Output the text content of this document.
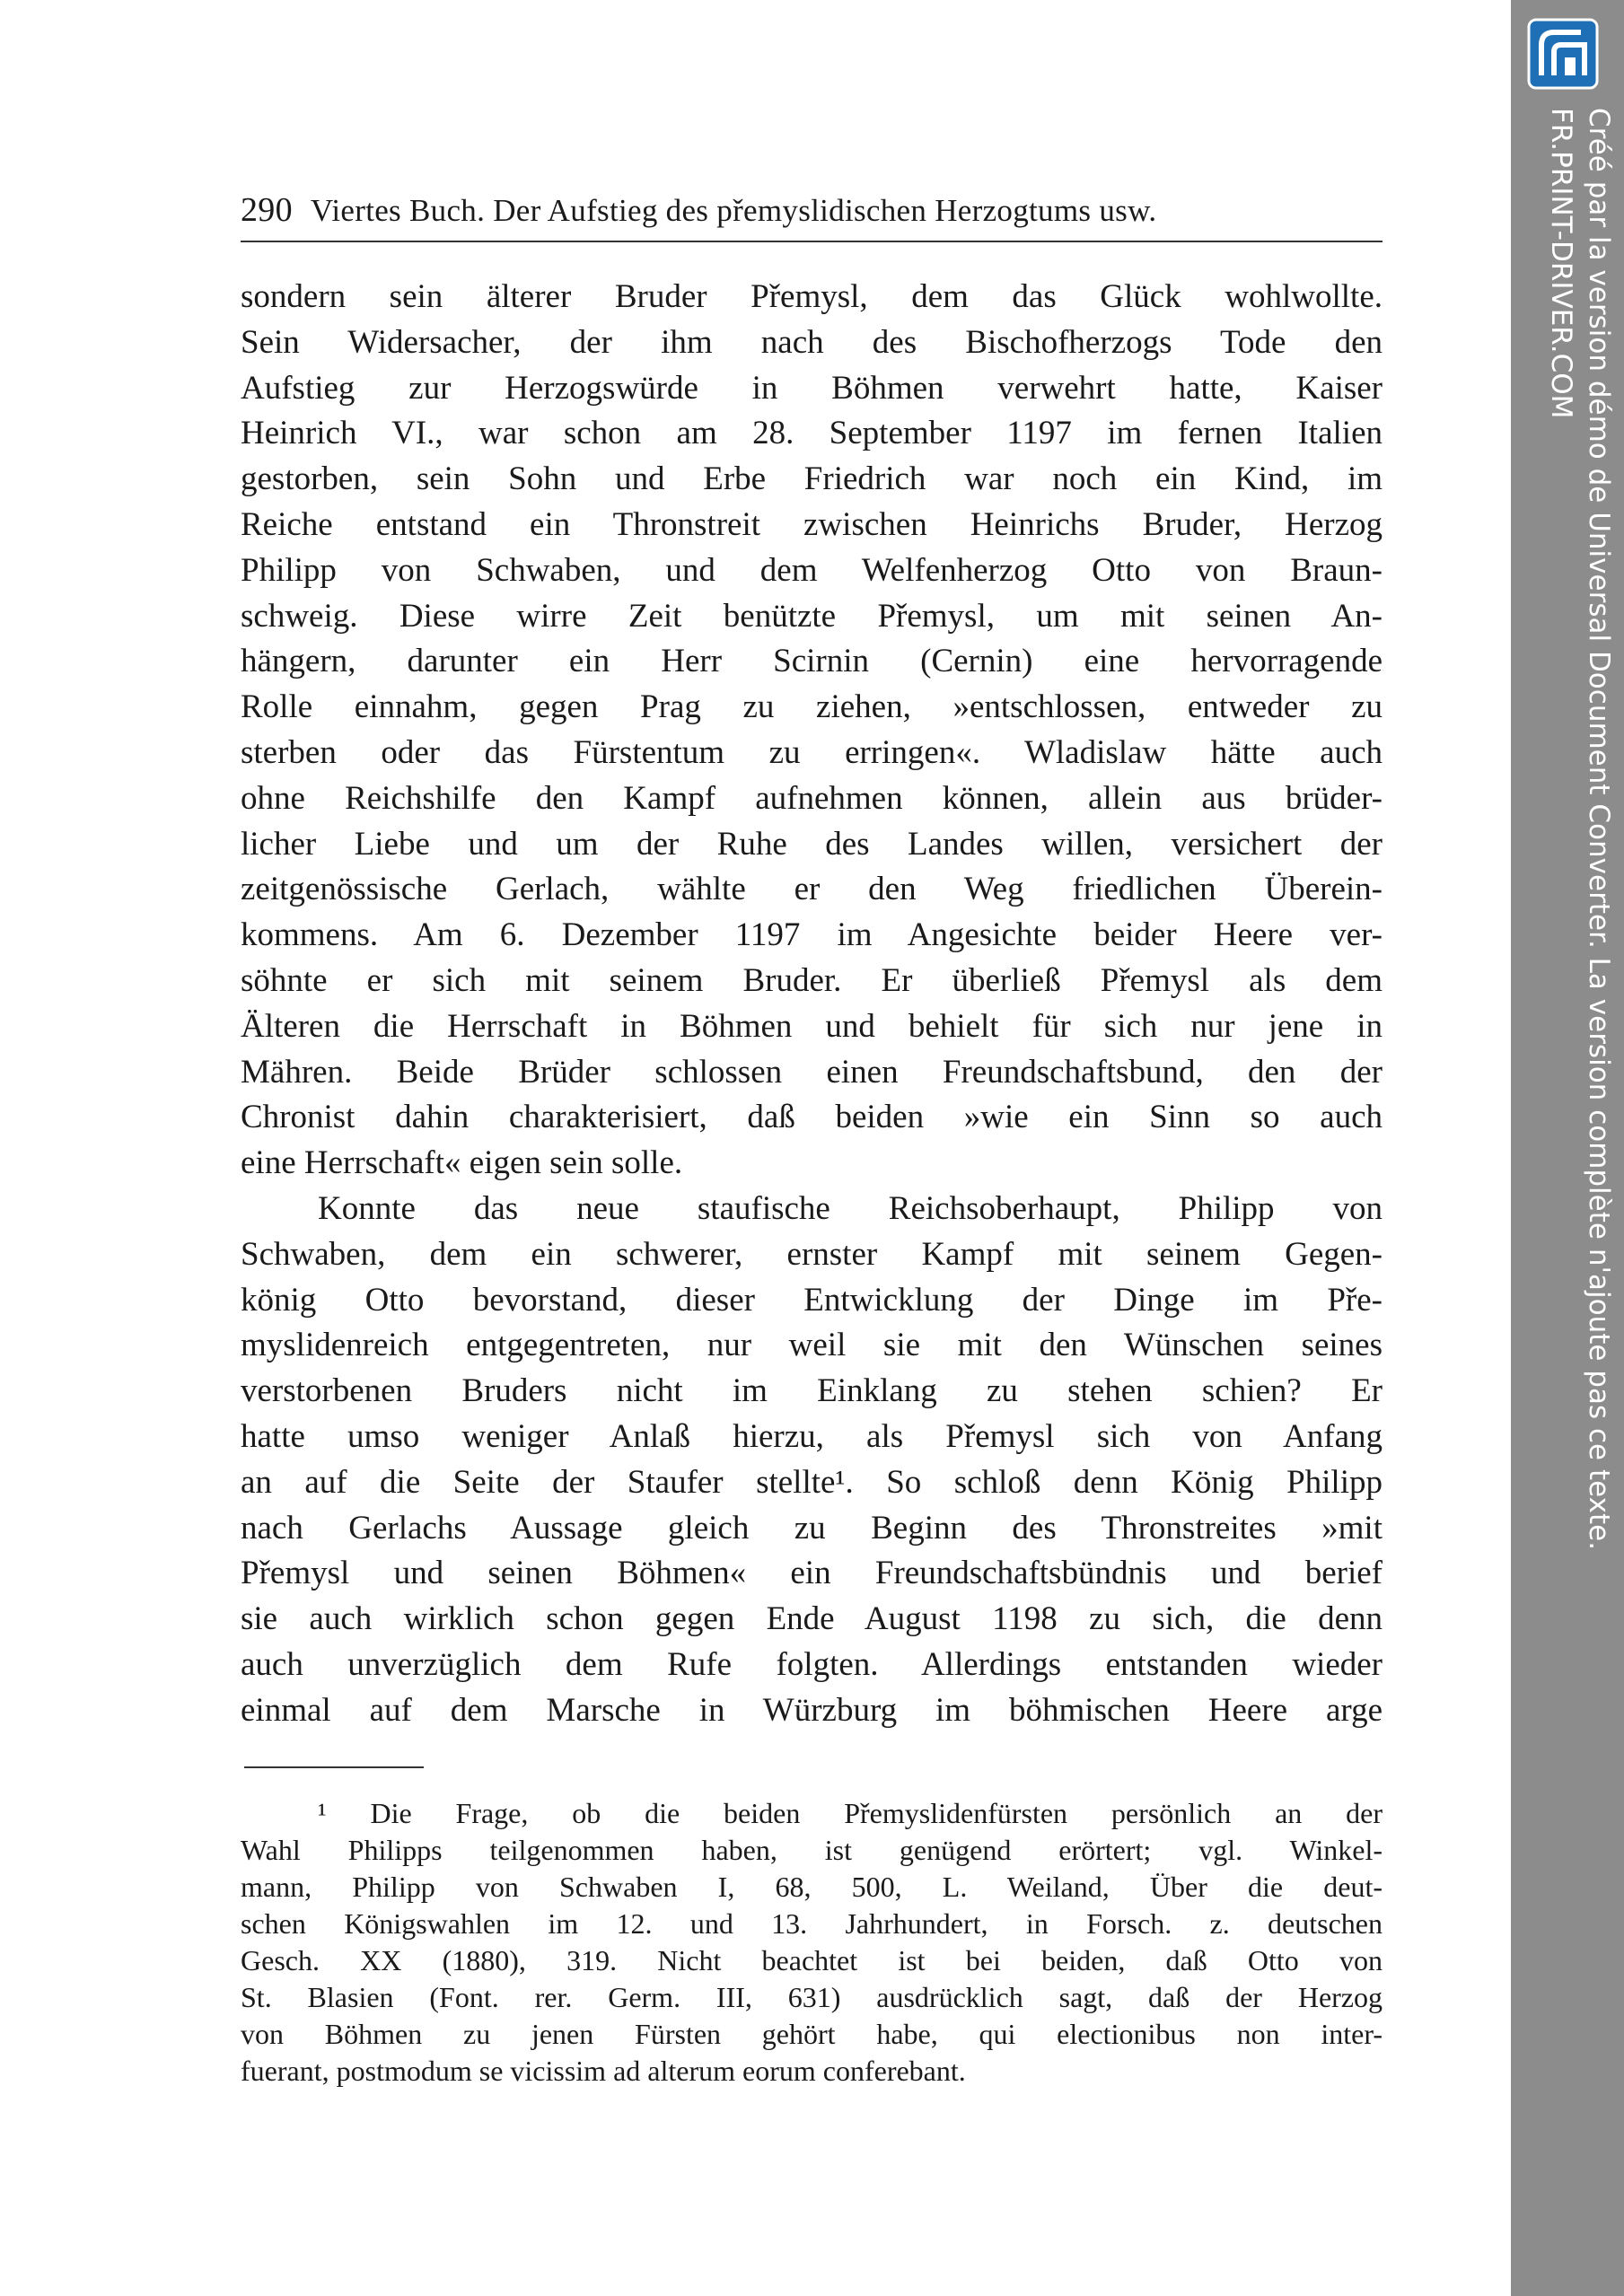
290 Viertes Buch. Der Aufstieg des přemyslidischen Herzogtums usw.
sondern sein älterer Bruder Přemysl, dem das Glück wohlwollte.
Sein Widersacher, der ihm nach des Bischofherzogs Tode den
Aufstieg zur Herzogswürde in Böhmen verwehrt hatte, Kaiser
Heinrich VI., war schon am 28. September 1197 im fernen Italien
gestorben, sein Sohn und Erbe Friedrich war noch ein Kind, im
Reiche entstand ein Thronstreit zwischen Heinrichs Bruder, Herzog
Philipp von Schwaben, und dem Welfenherzog Otto von Braun-
schweig. Diese wirre Zeit benützte Přemysl, um mit seinen An-
hängern, darunter ein Herr Scirnin (Cernin) eine hervorragende
Rolle einnahm, gegen Prag zu ziehen, »entschlossen, entweder zu
sterben oder das Fürstentum zu erringen«. Wladislaw hätte auch
ohne Reichshilfe den Kampf aufnehmen können, allein aus brüder-
licher Liebe und um der Ruhe des Landes willen, versichert der
zeitgenössische Gerlach, wählte er den Weg friedlichen Überein-
kommens. Am 6. Dezember 1197 im Angesichte beider Heere ver-
söhnte er sich mit seinem Bruder. Er überließ Přemysl als dem
Älteren die Herrschaft in Böhmen und behielt für sich nur jene in
Mähren. Beide Brüder schlossen einen Freundschaftsbund, den der
Chronist dahin charakterisiert, daß beiden »wie ein Sinn so auch
eine Herrschaft« eigen sein solle.
Konnte das neue staufische Reichsoberhaupt, Philipp von
Schwaben, dem ein schwerer, ernster Kampf mit seinem Gegen-
könig Otto bevorstand, dieser Entwicklung der Dinge im Pře-
myslidenreich entgegentreten, nur weil sie mit den Wünschen seines
verstorbenen Bruders nicht im Einklang zu stehen schien? Er
hatte umso weniger Anlaß hierzu, als Přemysl sich von Anfang
an auf die Seite der Staufer stellte¹. So schloß denn König Philipp
nach Gerlachs Aussage gleich zu Beginn des Thronstreites »mit
Přemysl und seinen Böhmen« ein Freundschaftsbündnis und berief
sie auch wirklich schon gegen Ende August 1198 zu sich, die denn
auch unverzüglich dem Rufe folgten. Allerdings entstanden wieder
einmal auf dem Marsche in Würzburg im böhmischen Heere arge
¹ Die Frage, ob die beiden Přemyslidenfürsten persönlich an der
Wahl Philipps teilgenommen haben, ist genügend erörtert; vgl. Winkel-
mann, Philipp von Schwaben I, 68, 500, L. Weiland, Über die deut-
schen Königswahlen im 12. und 13. Jahrhundert, in Forsch. z. deutschen
Gesch. XX (1880), 319. Nicht beachtet ist bei beiden, daß Otto von
St. Blasien (Font. rer. Germ. III, 631) ausdrücklich sagt, daß der Herzog
von Böhmen zu jenen Fürsten gehört habe, qui electionibus non inter-
fuerant, postmodum se vicissim ad alterum eorum conferebant.
Créé par la version démo de Universal Document Converter. La version complète n'ajoute pas ce texte.
FR.PRINT-DRIVER.COM
